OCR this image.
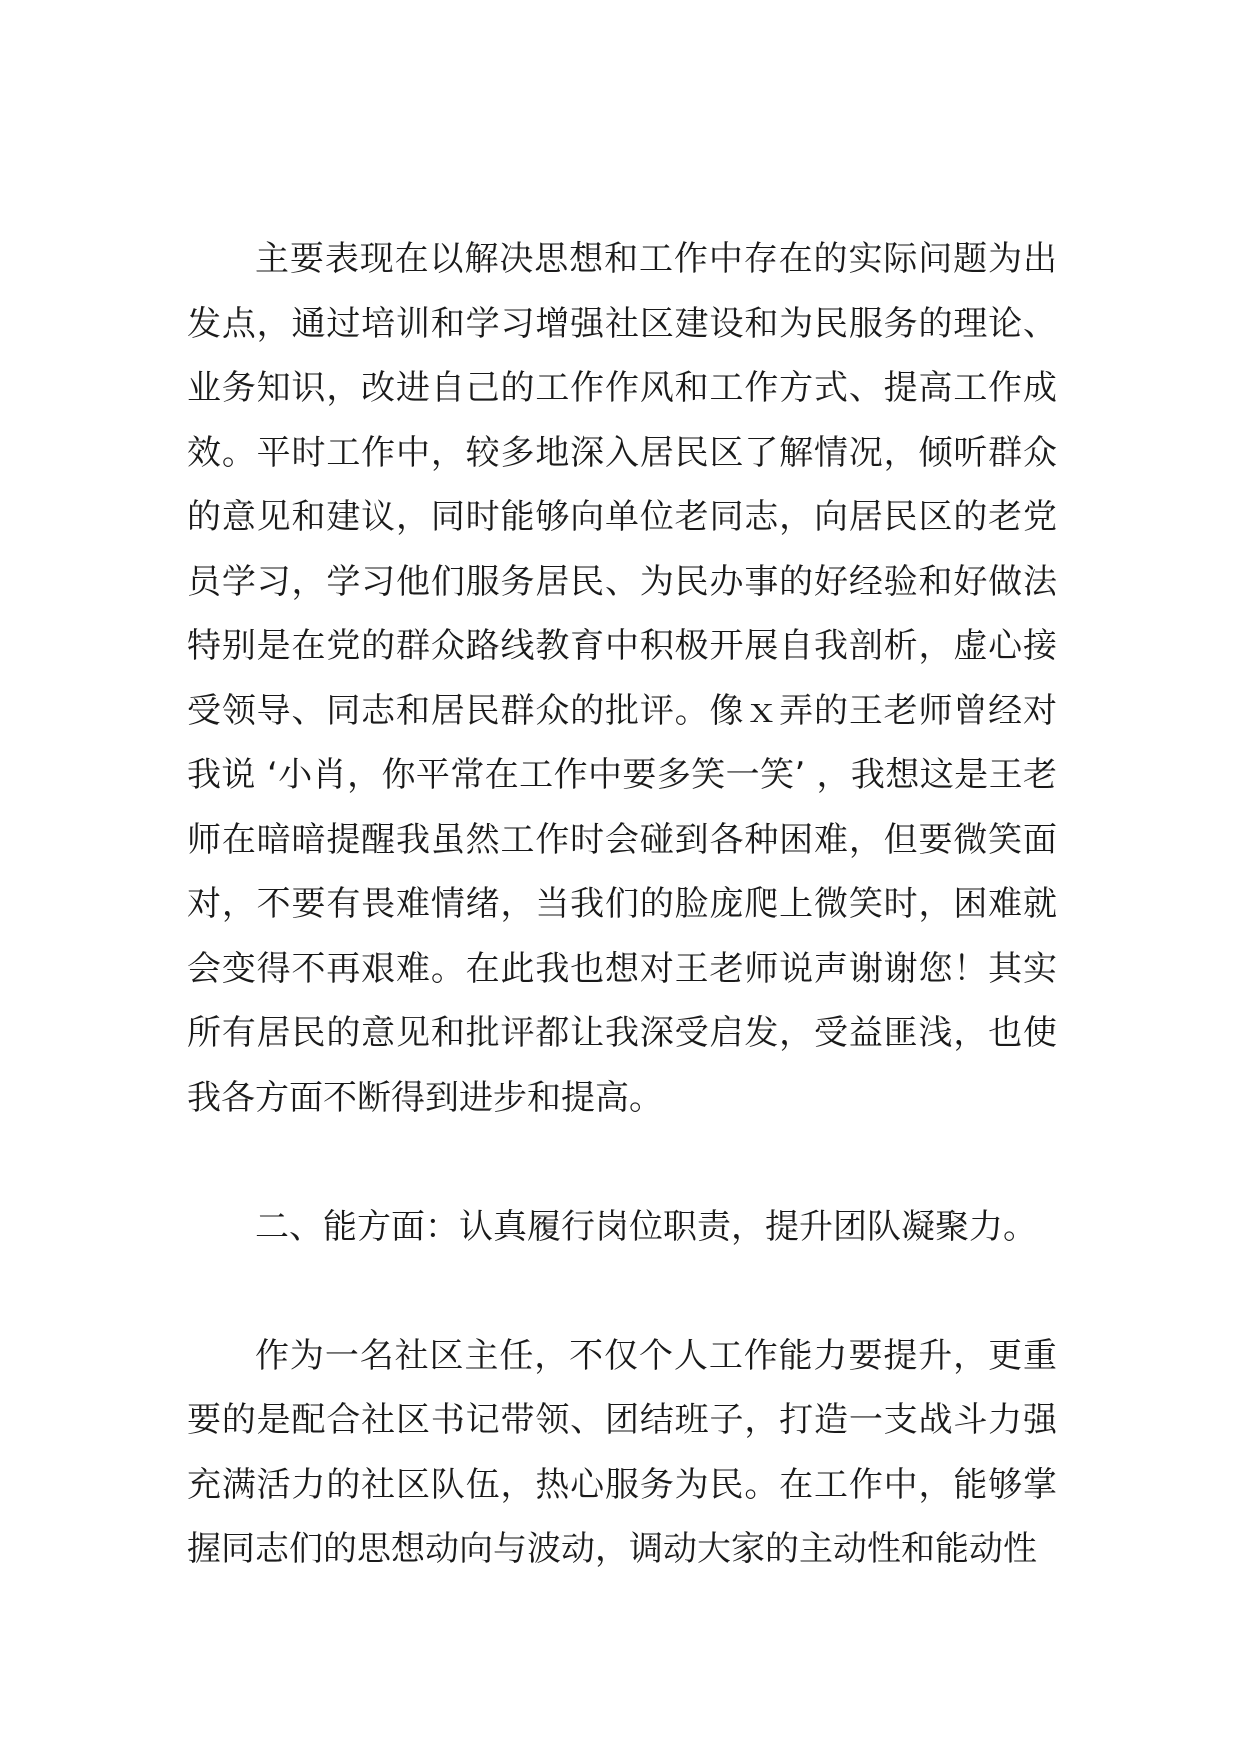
主要表现在以解决思想和工作中存在的实际问题为出发点，通过培训和学习增强社区建设和为民服务的理论、业务知识，改进自己的工作作风和工作方式、提高工作成效。平时工作中，较多地深入居民区了解情况，倾听群众的意见和建议，同时能够向单位老同志，向居民区的老党员学习，学习他们服务居民、为民办事的好经验和好做法特别是在党的群众路线教育中积极开展自我剖析，虚心接受领导、同志和居民群众的批评。像ｘ弄的王老师曾经对我说 ‘小肖，你平常在工作中要多笑一笑’ ，我想这是王老师在暗暗提醒我虽然工作时会碰到各种困难，但要微笑面对，不要有畏难情绪，当我们的脸庞爬上微笑时，困难就会变得不再艰难。在此我也想对王老师说声谢谢您！其实所有居民的意见和批评都让我深受启发，受益匪浅，也使我各方面不断得到进步和提高。

二、能方面：认真履行岗位职责，提升团队凝聚力。

作为一名社区主任，不仅个人工作能力要提升，更重要的是配合社区书记带领、团结班子，打造一支战斗力强充满活力的社区队伍，热心服务为民。在工作中，能够掌握同志们的思想动向与波动，调动大家的主动性和能动性
